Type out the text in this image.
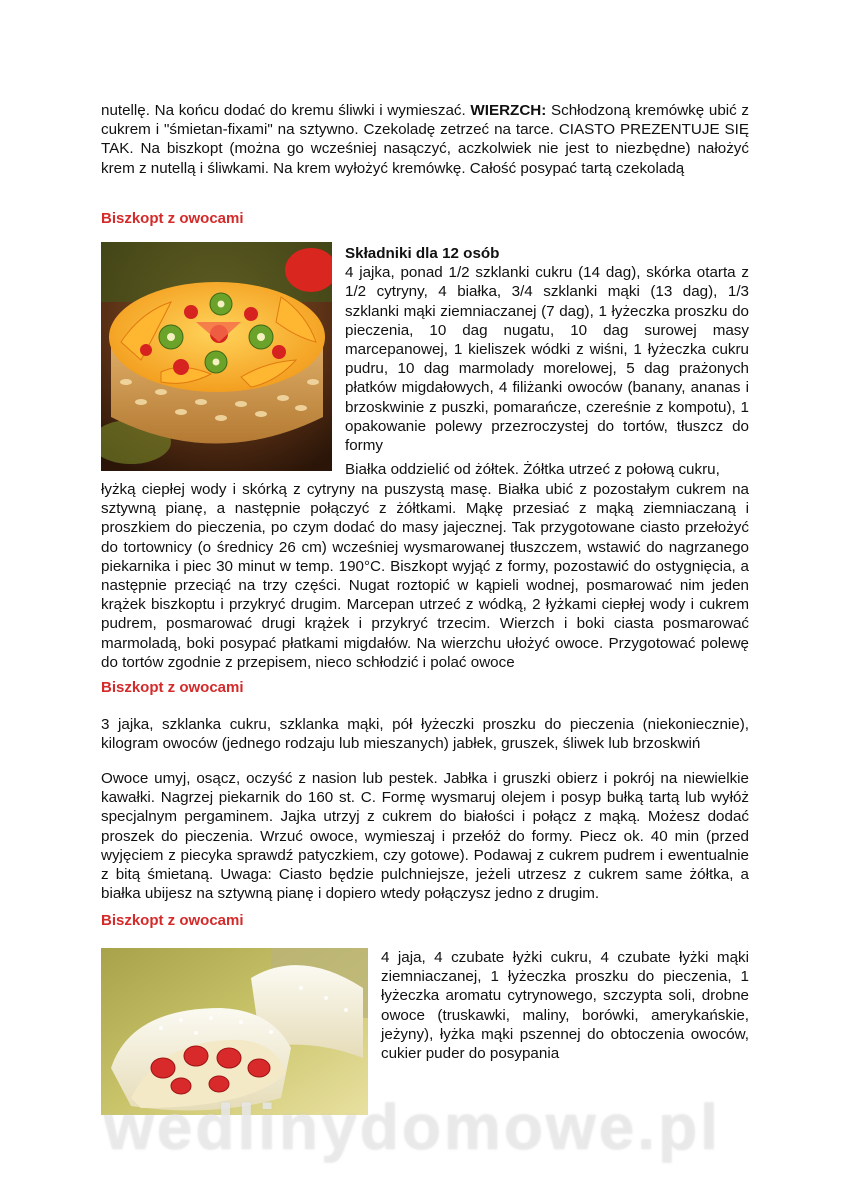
nutellę. Na końcu dodać do kremu śliwki i wymieszać. WIERZCH: Schłodzoną kremówkę ubić z cukrem i "śmietan-fixami" na sztywno. Czekoladę zetrzeć na tarce. CIASTO PREZENTUJE SIĘ TAK. Na biszkopt (można go wcześniej nasączyć, aczkolwiek nie jest to niezbędne) nałożyć krem z nutellą i śliwkami. Na krem wyłożyć kremówkę. Całość posypać tartą czekoladą

Biszkopt z owocami
Składniki dla 12 osób
4 jajka, ponad 1/2 szklanki cukru (14 dag), skórka otarta z 1/2 cytryny, 4 białka, 3/4 szklanki mąki (13 dag), 1/3 szklanki mąki ziemniaczanej (7 dag), 1 łyżeczka proszku do pieczenia, 10 dag nugatu, 10 dag surowej masy marcepanowej, 1 kieliszek wódki z wiśni, 1 łyżeczka cukru pudru, 10 dag marmolady morelowej, 5 dag prażonych płatków migdałowych, 4 filiżanki owoców (banany, ananas i brzoskwinie z puszki, pomarańcze, czereśnie z kompotu), 1 opakowanie polewy przezroczystej do tortów, tłuszcz do formy
Białka oddzielić od żółtek. Żółtka utrzeć z połową cukru,

łyżką ciepłej wody i skórką z cytryny na puszystą masę. Białka ubić z pozostałym cukrem na sztywną pianę, a następnie połączyć z żółtkami. Mąkę przesiać z mąką ziemniaczaną i proszkiem do pieczenia, po czym dodać do masy jajecznej. Tak przygotowane ciasto przełożyć do tortownicy (o średnicy 26 cm) wcześniej wysmarowanej tłuszczem, wstawić do nagrzanego piekarnika i piec 30 minut w temp. 190°C. Biszkopt wyjąć z formy, pozostawić do ostygnięcia, a następnie przeciąć na trzy części. Nugat roztopić w kąpieli wodnej, posmarować nim jeden krążek biszkoptu i przykryć drugim. Marcepan utrzeć z wódką, 2 łyżkami ciepłej wody i cukrem pudrem, posmarować drugi krążek i przykryć trzecim. Wierzch i boki ciasta posmarować marmoladą, boki posypać płatkami migdałów. Na wierzchu ułożyć owoce. Przygotować polewę do tortów zgodnie z przepisem, nieco schłodzić i polać owoce

Biszkopt z owocami

3 jajka, szklanka cukru, szklanka mąki, pół łyżeczki proszku do pieczenia (niekoniecznie), kilogram owoców (jednego rodzaju lub mieszanych) jabłek, gruszek, śliwek lub brzoskwiń

Owoce umyj, osącz, oczyść z nasion lub pestek. Jabłka i gruszki obierz i pokrój na niewielkie kawałki. Nagrzej piekarnik do 160 st. C. Formę wysmaruj olejem i posyp bułką tartą lub wyłóż specjalnym pergaminem. Jajka utrzyj z cukrem do białości i połącz z mąką. Możesz dodać proszek do pieczenia. Wrzuć owoce, wymieszaj i przełóż do formy. Piecz ok. 40 min (przed wyjęciem z piecyka sprawdź patyczkiem, czy gotowe). Podawaj z cukrem pudrem i ewentualnie z bitą śmietaną. Uwaga: Ciasto będzie pulchniejsze, jeżeli utrzesz z cukrem same żółtka, a białka ubijesz na sztywną pianę i dopiero wtedy połączysz jedno z drugim.

Biszkopt z owocami
4 jaja, 4 czubate łyżki cukru, 4 czubate łyżki mąki ziemniaczanej, 1 łyżeczka proszku do pieczenia, 1 łyżeczka aromatu cytrynowego, szczypta soli, drobne owoce (truskawki, maliny, borówki, amerykańskie, jeżyny), łyżka mąki pszennej do obtoczenia owoców, cukier puder do posypania
wedlinydomowe.pl
